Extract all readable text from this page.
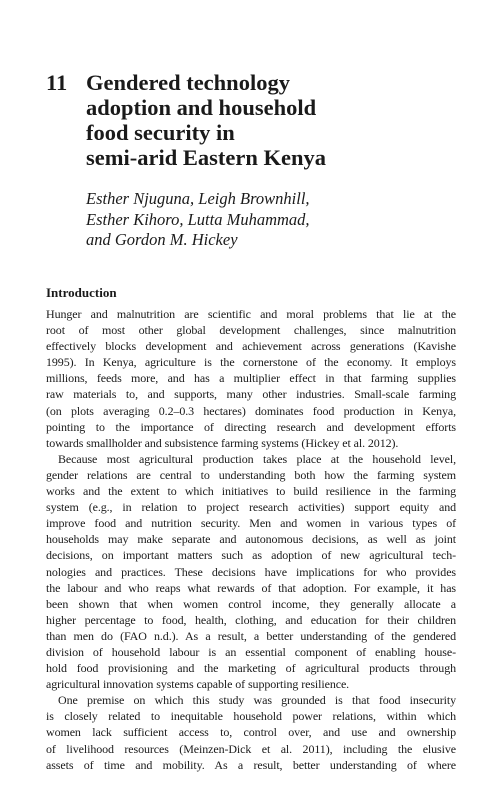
11 Gendered technology
adoption and household
food security in
semi-arid Eastern Kenya
Esther Njuguna, Leigh Brownhill,
Esther Kihoro, Lutta Muhammad,
and Gordon M. Hickey
Introduction

Hunger and malnutrition are scientific and moral problems that lie at the
root of most other global development challenges, since malnutrition
effectively blocks development and achievement across generations (Kavishe
1995). In Kenya, agriculture is the cornerstone of the economy. It employs
millions, feeds more, and has a multiplier effect in that farming supplies
raw materials to, and supports, many other industries. Small-scale farming
(on plots averaging 0.2–0.3 hectares) dominates food production in Kenya,
pointing to the importance of directing research and development efforts
towards smallholder and subsistence farming systems (Hickey et al. 2012).

Because most agricultural production takes place at the household level,
gender relations are central to understanding both how the farming system
works and the extent to which initiatives to build resilience in the farming
system (e.g., in relation to project research activities) support equity and
improve food and nutrition security. Men and women in various types of
households may make separate and autonomous decisions, as well as joint
decisions, on important matters such as adoption of new agricultural tech-
nologies and practices. These decisions have implications for who provides
the labour and who reaps what rewards of that adoption. For example, it has
been shown that when women control income, they generally allocate a
higher percentage to food, health, clothing, and education for their children
than men do (FAO n.d.). As a result, a better understanding of the gendered
division of household labour is an essential component of enabling house-
hold food provisioning and the marketing of agricultural products through
agricultural innovation systems capable of supporting resilience.

One premise on which this study was grounded is that food insecurity
is closely related to inequitable household power relations, within which
women lack sufficient access to, control over, and use and ownership
of livelihood resources (Meinzen-Dick et al. 2011), including the elusive
assets of time and mobility. As a result, better understanding of where
